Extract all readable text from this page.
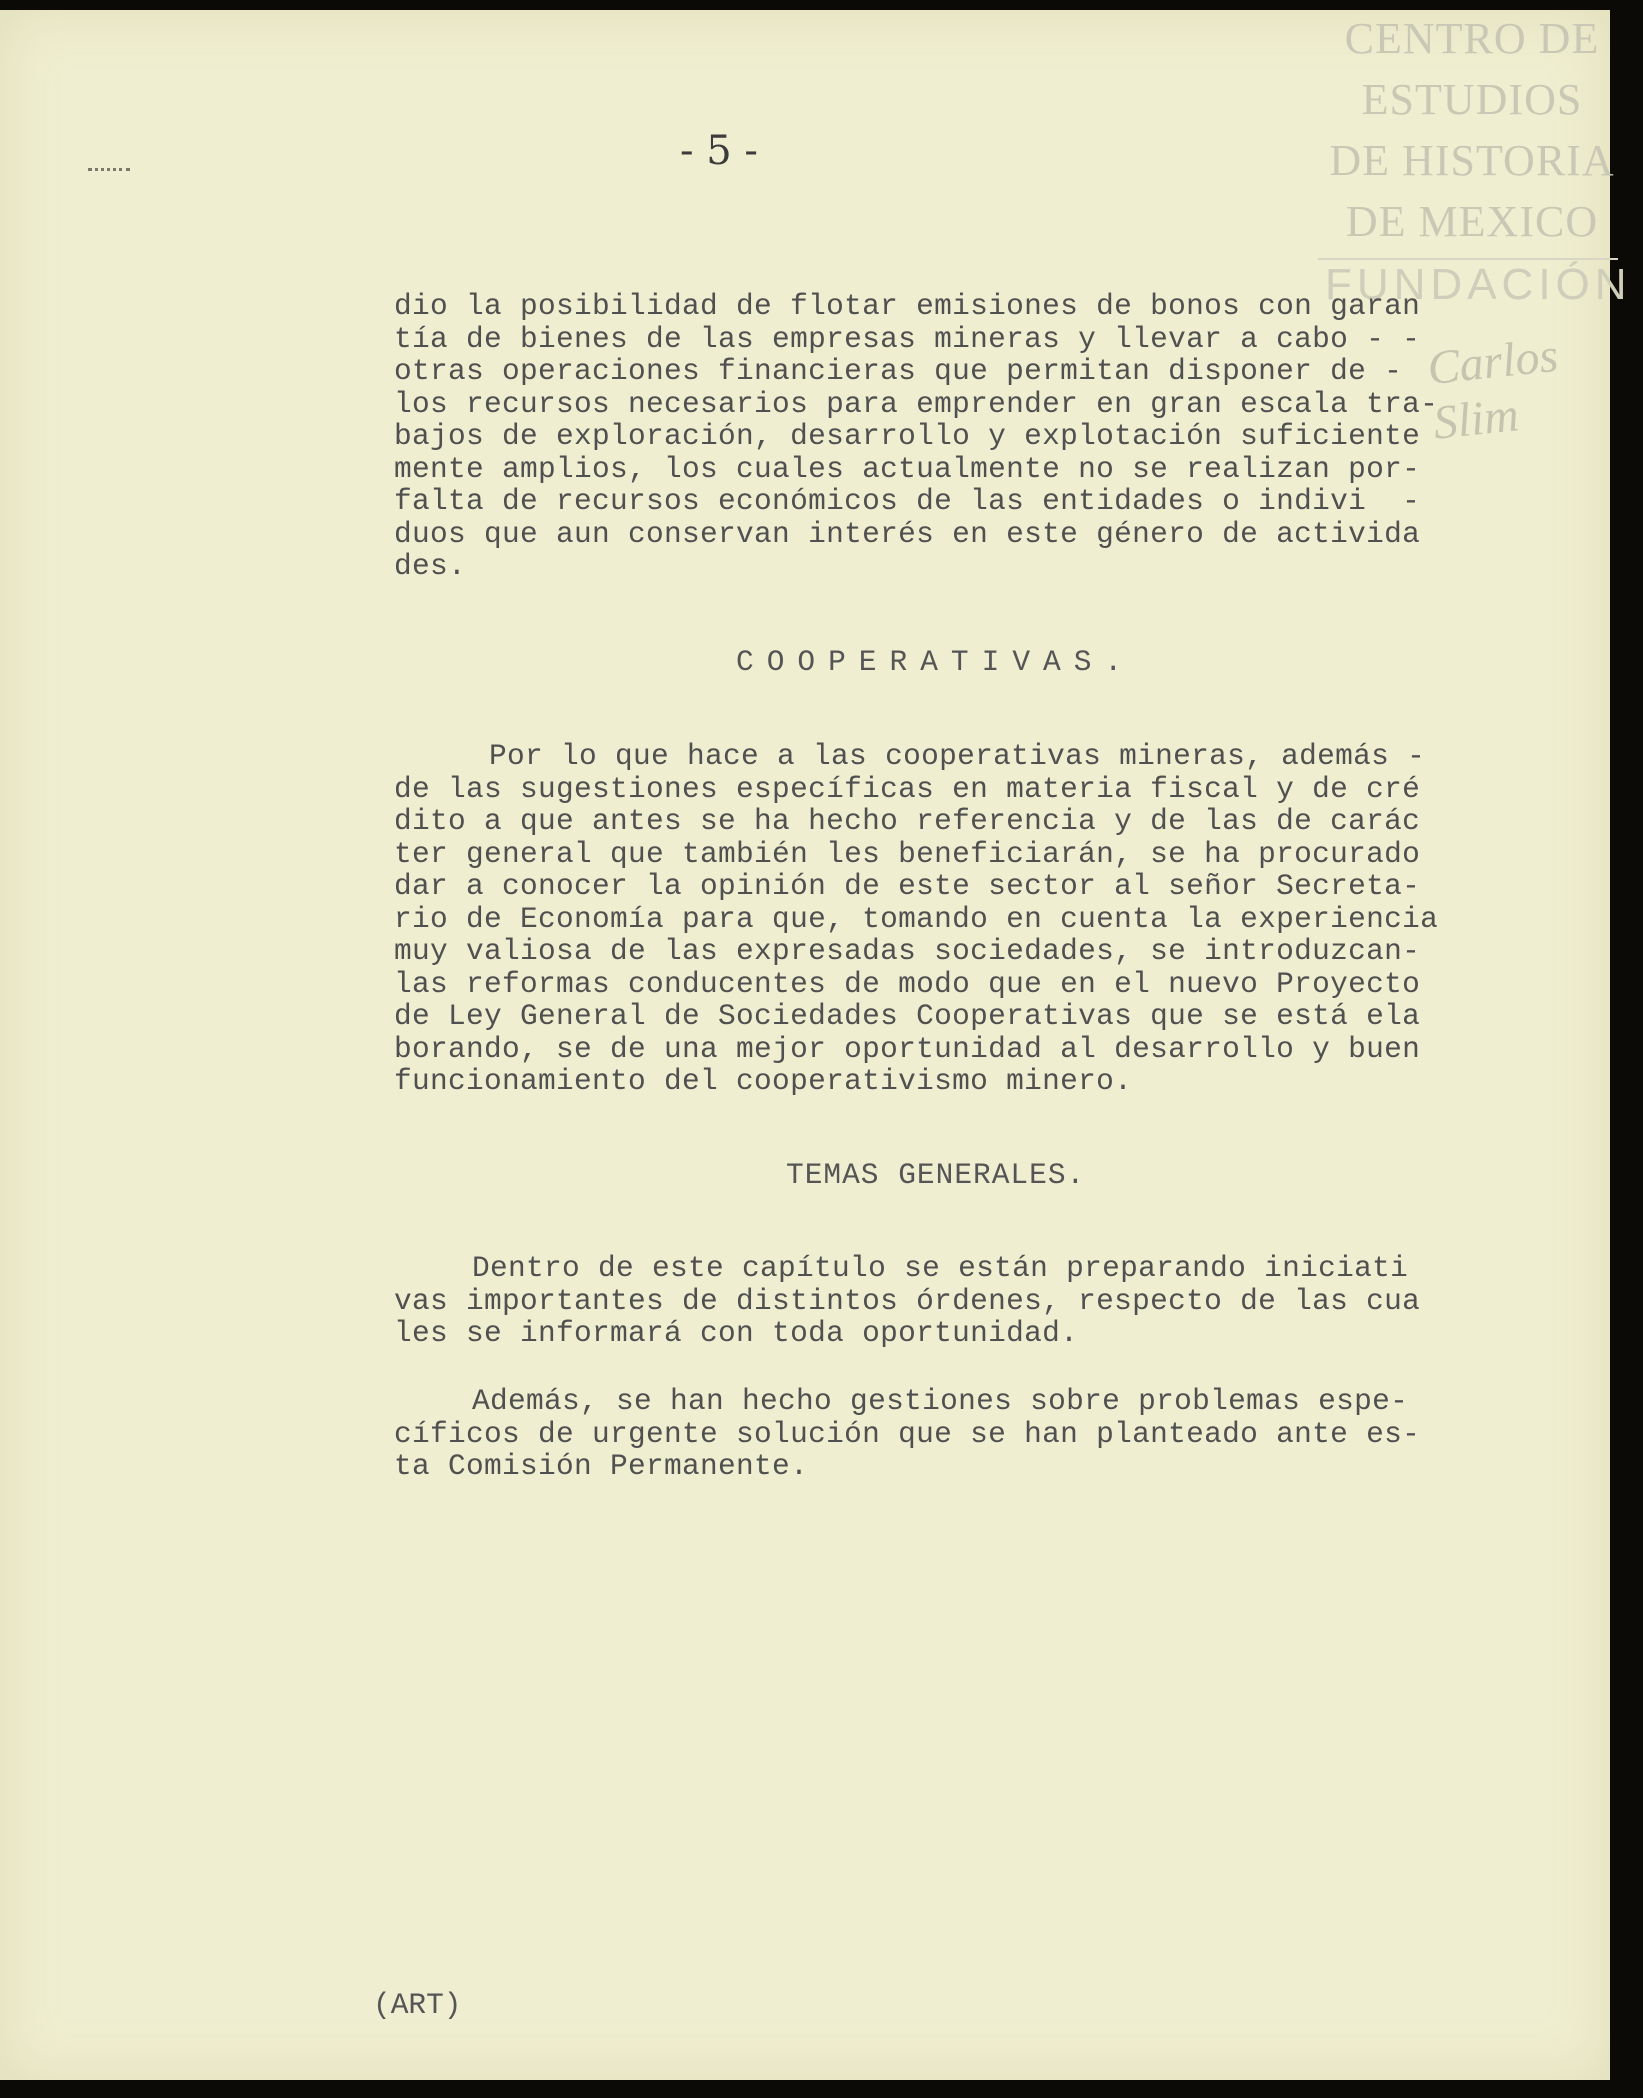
CENTRO DE
ESTUDIOS
DE HISTORIA
DE MEXICO
FUNDACIÓN
Carlos Slim
- 5 -
dio la posibilidad de flotar emisiones de bonos con garan
tía de bienes de las empresas mineras y llevar a cabo - -
otras operaciones financieras que permitan disponer de -
los recursos necesarios para emprender en gran escala tra-
bajos de exploración, desarrollo y explotación suficiente
mente amplios, los cuales actualmente no se realizan por-
falta de recursos económicos de las entidades o indivi  -
duos que aun conservan interés en este género de activida
des.
COOPERATIVAS.
Por lo que hace a las cooperativas mineras, además -
de las sugestiones específicas en materia fiscal y de cré
dito a que antes se ha hecho referencia y de las de carác
ter general que también les beneficiarán, se ha procurado
dar a conocer la opinión de este sector al señor Secreta-
rio de Economía para que, tomando en cuenta la experiencia
muy valiosa de las expresadas sociedades, se introduzcan-
las reformas conducentes de modo que en el nuevo Proyecto
de Ley General de Sociedades Cooperativas que se está ela
borando, se de una mejor oportunidad al desarrollo y buen
funcionamiento del cooperativismo minero.
TEMAS GENERALES.
Dentro de este capítulo se están preparando iniciati
vas importantes de distintos órdenes, respecto de las cua
les se informará con toda oportunidad.
Además, se han hecho gestiones sobre problemas espe-
cíficos de urgente solución que se han planteado ante es-
ta Comisión Permanente.
(ART)
